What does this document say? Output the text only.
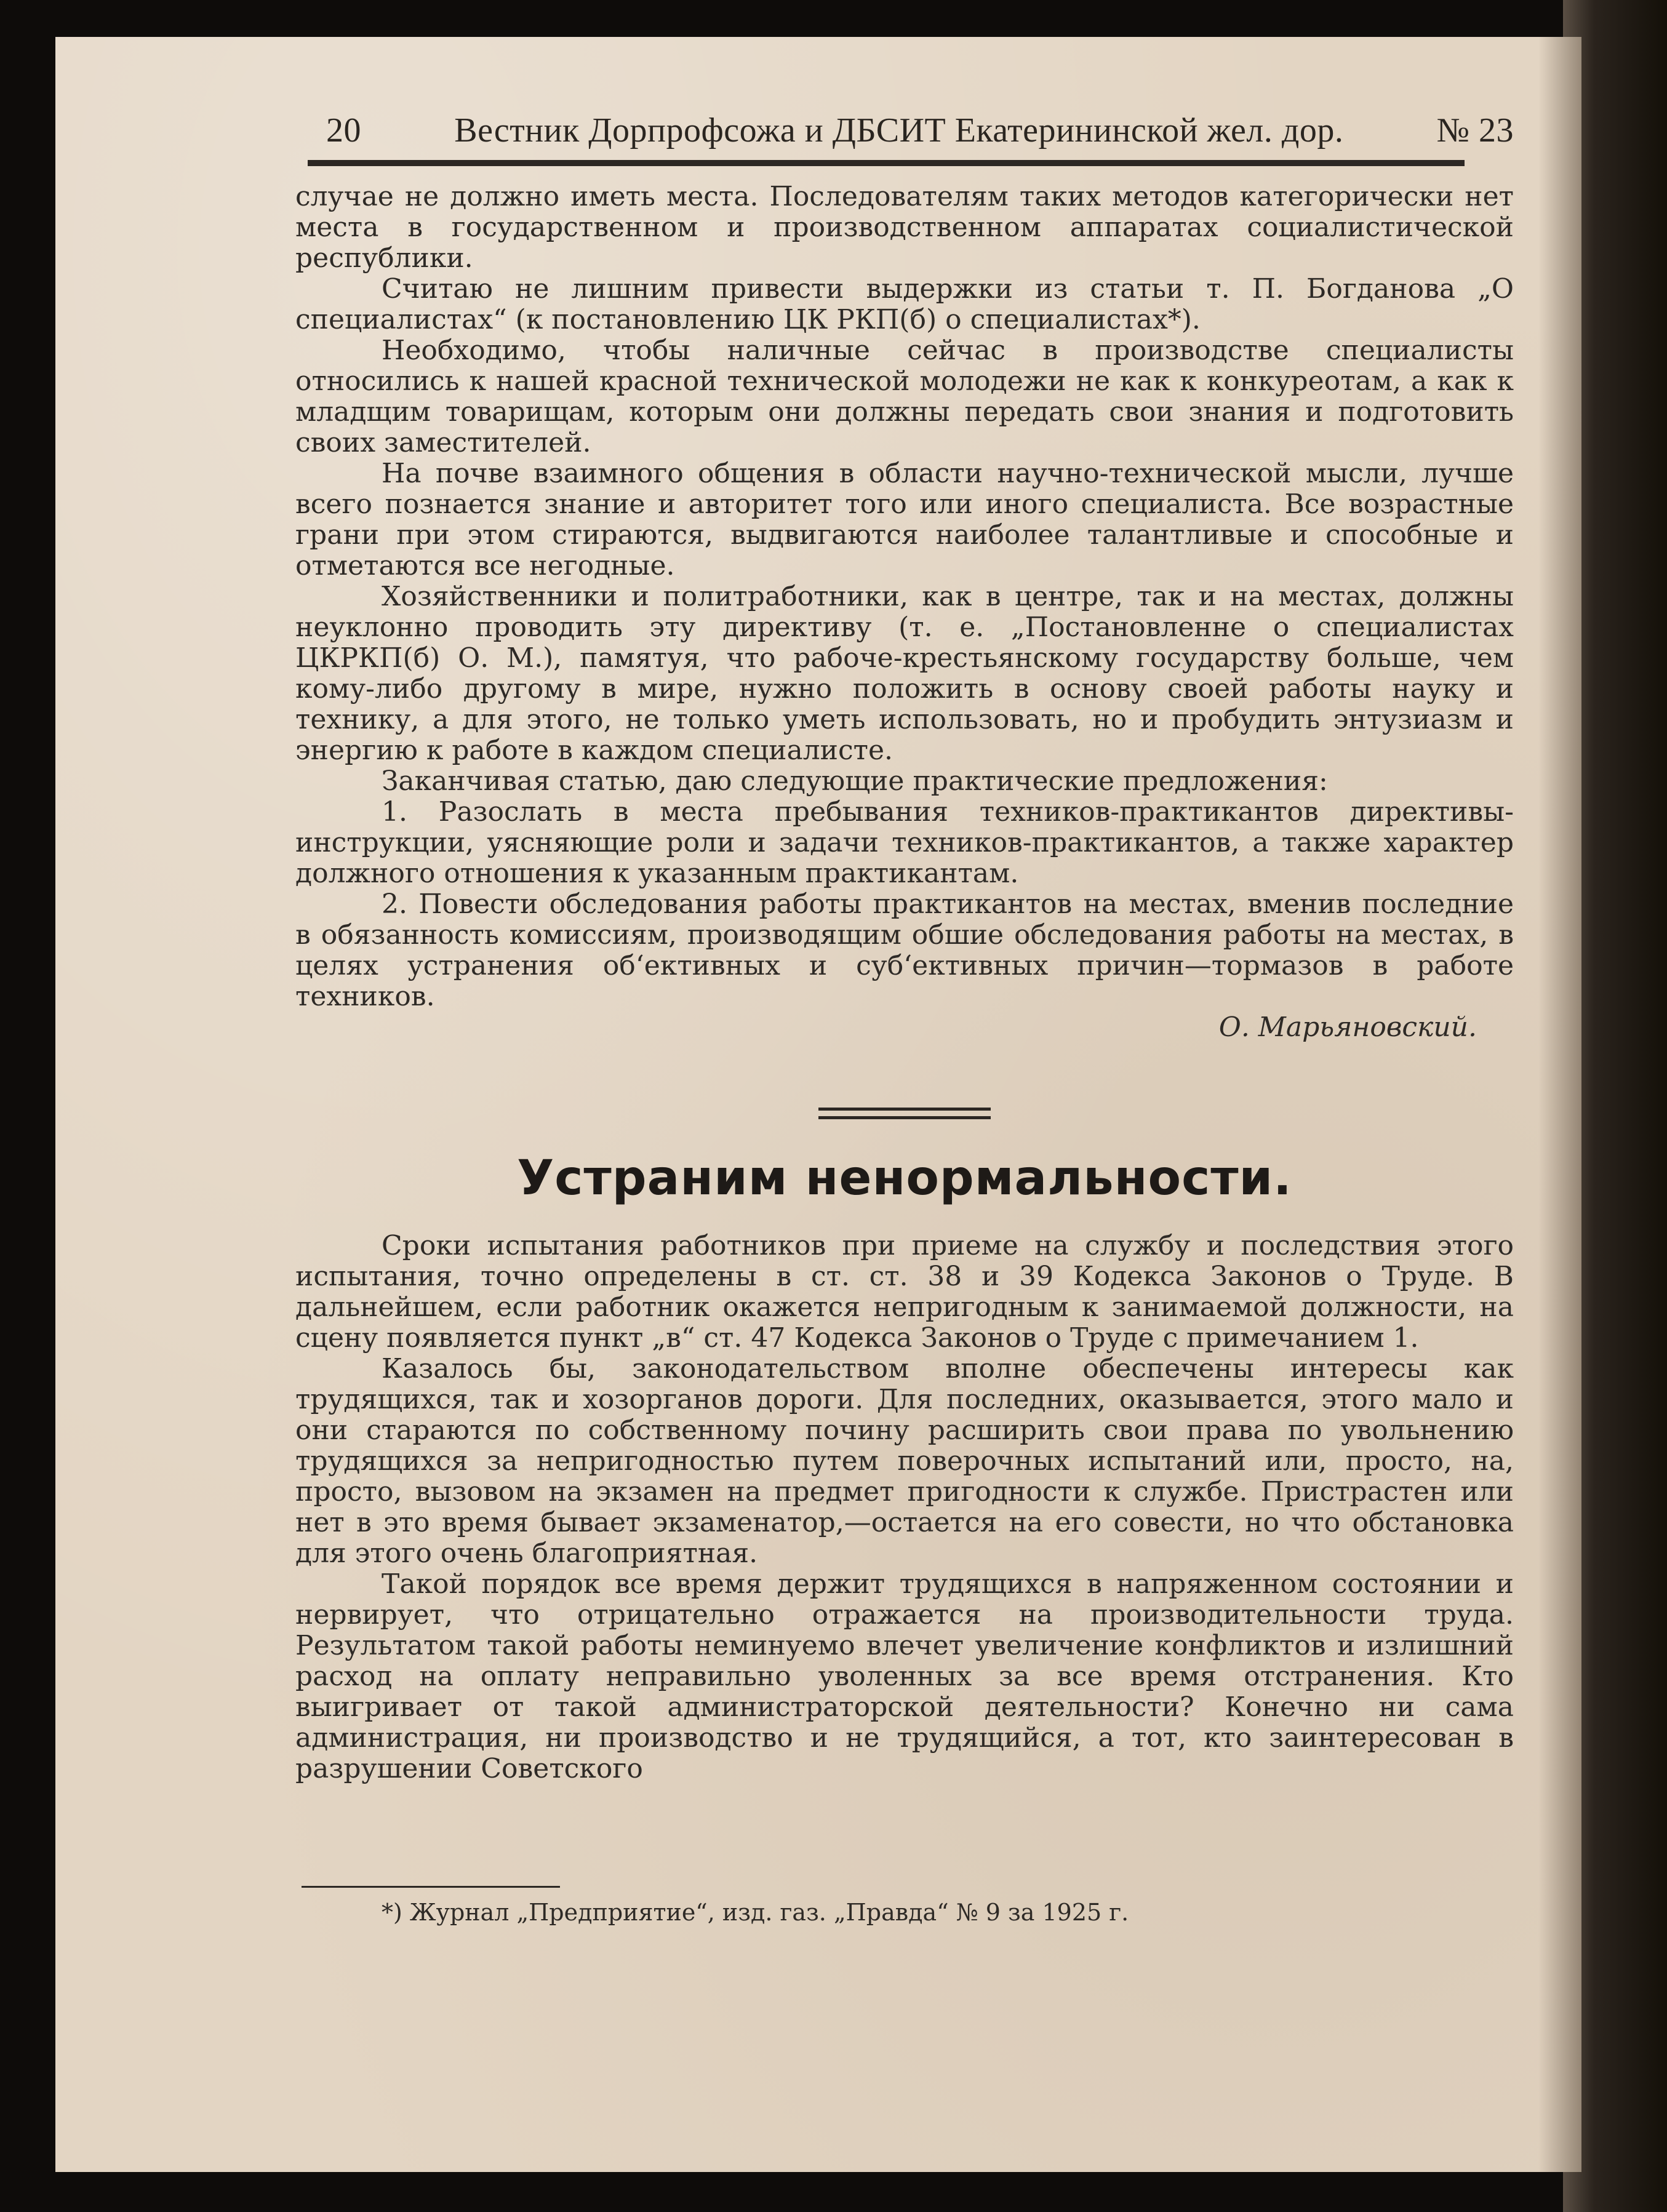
20	Вестник Дорпрофсожа и ДБСИТ Екатерининской жел. дор.	№ 23

случае не должно иметь места. Последователям таких методов категорически нет места в государственном и производственном аппаратах социалистической республики.

Считаю не лишним привести выдержки из статьи т. П. Богданова „О специалистах“ (к постановлению ЦК РКП(б) о специалистах*).

Необходимо, чтобы наличные сейчас в производстве специалисты относились к нашей красной технической молодежи не как к конкуреотам, а как к младщим товарищам, которым они должны передать свои знания и подготовить своих заместителей.

На почве взаимного общения в области научно-технической мысли, лучше всего познается знание и авторитет того или иного специалиста. Все возрастные грани при этом стираются, выдвигаются наиболее талантливые и способные и отметаются все негодные.

Хозяйственники и политработники, как в центре, так и на местах, должны неуклонно проводить эту директиву (т. е. „Постановленне о специалистах ЦКРКП(б) О. М.), памятуя, что рабоче-крестьянскому государству больше, чем кому-либо другому в мире, нужно положить в основу своей работы науку и технику, а для этого, не только уметь использовать, но и пробудить энтузиазм и энергию к работе в каждом специалисте.

Заканчивая статью, даю следующие практические предложения:

1. Разослать в места пребывания техников-практикантов директивы-инструкции, уясняющие роли и задачи техников-практикантов, а также характер должного отношения к указанным практикантам.

2. Повести обследования работы практикантов на местах, вменив последние в обязанность комиссиям, производящим обшие обследования работы на местах, в целях устранения об‘ективных и суб‘ективных причин—тормазов в работе техников.

О. Марьяновский.

Устраним ненормальности.

Сроки испытания работников при приеме на службу и последствия этого испытания, точно определены в ст. ст. 38 и 39 Кодекса Законов о Труде. В дальнейшем, если работник окажется непригодным к занимаемой должности, на сцену появляется пункт „в“ ст. 47 Кодекса Законов о Труде с примечанием 1.

Казалось бы, законодательством вполне обеспечены интересы как трудящихся, так и хозорганов дороги. Для последних, оказывается, этого мало и они стараются по собственному почину расширить свои права по увольнению трудящихся за непригодностью путем поверочных испытаний или, просто, на, просто, вызовом на экзамен на предмет пригодности к службе. Пристрастен или нет в это время бывает экзаменатор,—остается на его совести, но что обстановка для этого очень благоприятная.

Такой порядок все время держит трудящихся в напряженном состоянии и нервирует, что отрицательно отражается на производительности труда. Результатом такой работы неминуемо влечет увеличение конфликтов и излишний расход на оплату неправильно уволенных за все время отстранения. Кто выигривает от такой администраторской деятельности? Конечно ни сама администрация, ни производство и не трудящийся, а тот, кто заинтересован в разрушении Советского

*) Журнал „Предприятие“, изд. газ. „Правда“ № 9 за 1925 г.
